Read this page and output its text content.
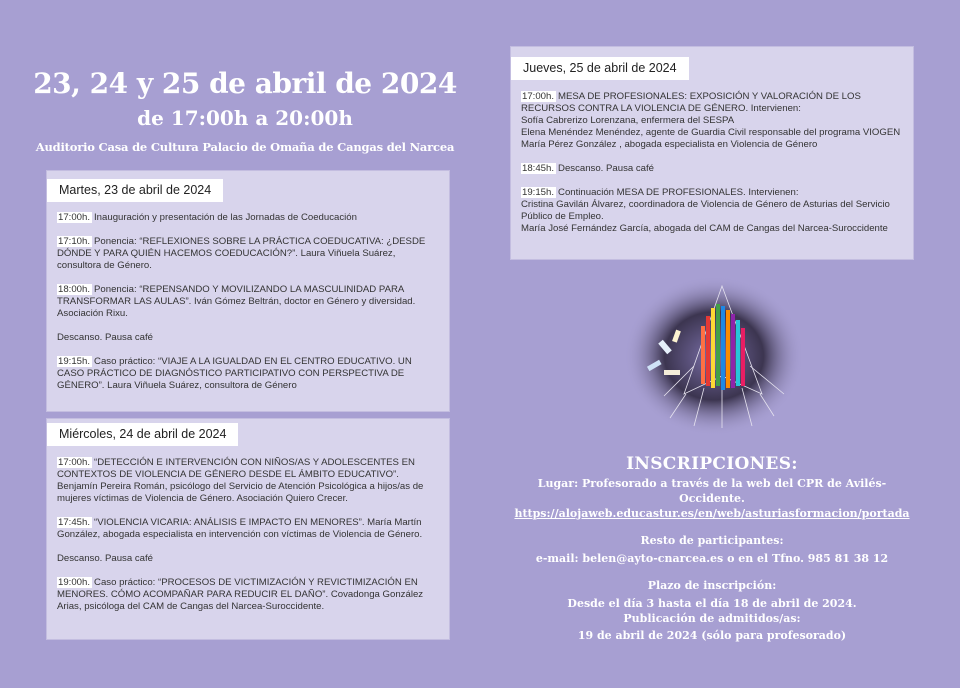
23, 24 y 25 de abril de 2024
de 17:00h a 20:00h
Auditorio Casa de Cultura Palacio de Omaña de Cangas del Narcea
Martes, 23 de abril de 2024
17:00h. Inauguración y presentación de las Jornadas de Coeducación
17:10h. Ponencia: “REFLEXIONES SOBRE LA PRÁCTICA COEDUCATIVA: ¿DESDE DÓNDE Y PARA QUIÉN HACEMOS COEDUCACIÓN?”. Laura Viñuela Suárez, consultora de Género.
18:00h. Ponencia: “REPENSANDO Y MOVILIZANDO LA MASCULINIDAD PARA TRANSFORMAR LAS AULAS”. Iván Gómez Beltrán, doctor en Género y diversidad. Asociación Rixu.
Descanso. Pausa café
19:15h. Caso práctico: “VIAJE A LA IGUALDAD EN EL CENTRO EDUCATIVO. UN CASO PRÁCTICO DE DIAGNÓSTICO PARTICIPATIVO CON PERSPECTIVA DE GÉNERO”. Laura Viñuela Suárez, consultora de Género
Miércoles, 24 de abril de 2024
17:00h. “DETECCIÓN E INTERVENCIÓN CON NIÑOS/AS Y ADOLESCENTES EN CONTEXTOS DE VIOLENCIA DE GÉNERO DESDE EL ÁMBITO EDUCATIVO”. Benjamín Pereira Román, psicólogo del Servicio de Atención Psicológica a hijos/as de mujeres víctimas de Violencia de Género. Asociación Quiero Crecer.
17:45h. “VIOLENCIA VICARIA: ANÁLISIS E IMPACTO EN MENORES”. María Martín González, abogada especialista en intervención con víctimas de Violencia de Género.
Descanso. Pausa café
19:00h. Caso práctico: “PROCESOS DE VICTIMIZACIÓN Y REVICTIMIZACIÓN EN MENORES. CÓMO ACOMPAÑAR PARA REDUCIR EL DAÑO”. Covadonga González Arias, psicóloga del CAM de Cangas del Narcea-Suroccidente.
Jueves, 25 de abril de 2024
17:00h. MESA DE PROFESIONALES: EXPOSICIÓN Y VALORACIÓN DE LOS RECURSOS CONTRA LA VIOLENCIA DE GÉNERO. Intervienen:
Sofía Cabrerizo Lorenzana, enfermera del SESPA
Elena Menéndez Menéndez, agente de Guardia Civil responsable del programa VIOGEN
María Pérez González , abogada especialista en Violencia de Género
18:45h. Descanso. Pausa café
19:15h. Continuación MESA DE PROFESIONALES. Intervienen:
Cristina Gavilán Álvarez, coordinadora de Violencia de Género de Asturias del Servicio Público de Empleo.
María José Fernández García, abogada del CAM de Cangas del Narcea-Suroccidente
INSCRIPCIONES:
Lugar: Profesorado a través de la web del CPR de Avilés-Occidente.
https://alojaweb.educastur.es/en/web/asturiasformacion/portada
Resto de participantes:
e-mail: belen@ayto-cnarcea.es o en el Tfno. 985 81 38 12
Plazo de inscripción:
Desde el día 3 hasta el día 18 de abril de 2024.
Publicación de admitidos/as:
19 de abril de 2024 (sólo para profesorado)
